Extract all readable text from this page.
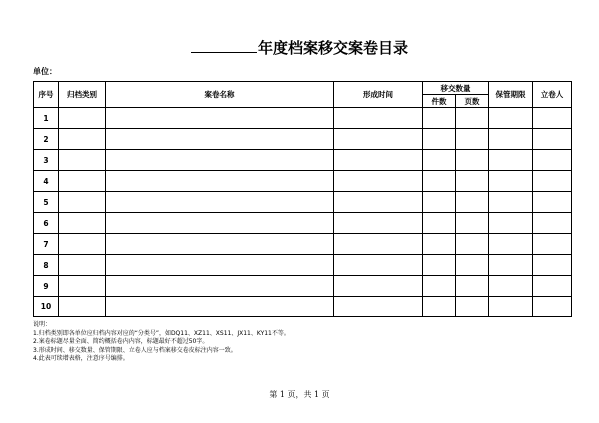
年度档案移交案卷目录
单位：
序号	归档类别	案卷名称	形成时间	移交数量		保管期限	立卷人
				件数	页数		
1							
2							
3							
4							
5							
6							
7							
8							
9							
10							
说明：
1.归档类别即各单位应归档内容对应的“分类号”，如DQ11、XZ11、XS11、JX11、KY11不等。
2.案卷标题尽量全面、简约概括卷内内容，标题最好不超过50字。
3.形成时间、移交数量、保管期限、立卷人应与档案移交卷皮标注内容一致。
4.此表可续增表格，注意序号编排。
第 1 页，共 1 页
